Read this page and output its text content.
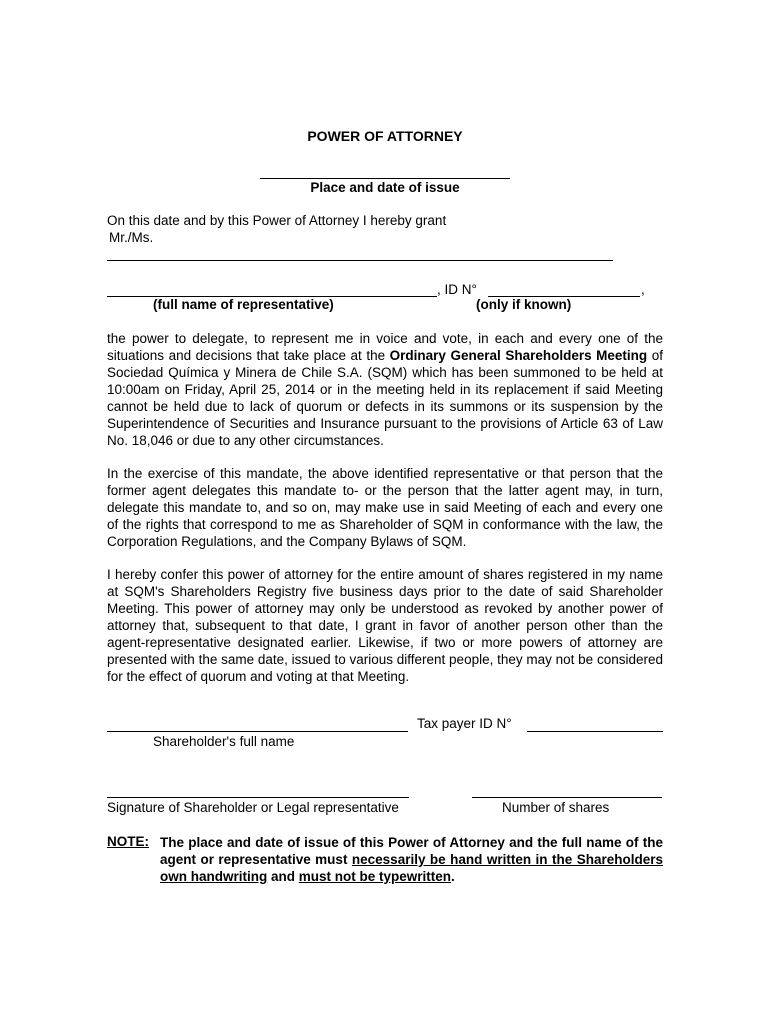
POWER OF ATTORNEY
Place and date of issue
On this date and by this Power of Attorney I hereby grant
Mr./Ms.
, ID N°	,
(full name of representative)	(only if known)
the power to delegate, to represent me in voice and vote, in each and every one of the situations and decisions that take place at the Ordinary General Shareholders Meeting of Sociedad Química y Minera de Chile S.A. (SQM) which has been summoned to be held at 10:00am on Friday, April 25, 2014 or in the meeting held in its replacement if said Meeting cannot be held due to lack of quorum or defects in its summons or its suspension by the Superintendence of Securities and Insurance pursuant to the provisions of Article 63 of Law No. 18,046 or due to any other circumstances.
In the exercise of this mandate, the above identified representative or that person that the former agent delegates this mandate to- or the person that the latter agent may, in turn, delegate this mandate to, and so on, may make use in said Meeting of each and every one of the rights that correspond to me as Shareholder of SQM in conformance with the law, the Corporation Regulations, and the Company Bylaws of SQM.
I hereby confer this power of attorney for the entire amount of shares registered in my name at SQM's Shareholders Registry five business days prior to the date of said Shareholder Meeting. This power of attorney may only be understood as revoked by another power of attorney that, subsequent to that date, I grant in favor of another person other than the agent-representative designated earlier. Likewise, if two or more powers of attorney are presented with the same date, issued to various different people, they may not be considered for the effect of quorum and voting at that Meeting.
Tax payer ID N°
Shareholder's full name
Signature of Shareholder or Legal representative	Number of shares
NOTE: The place and date of issue of this Power of Attorney and the full name of the agent or representative must necessarily be hand written in the Shareholders own handwriting and must not be typewritten.
